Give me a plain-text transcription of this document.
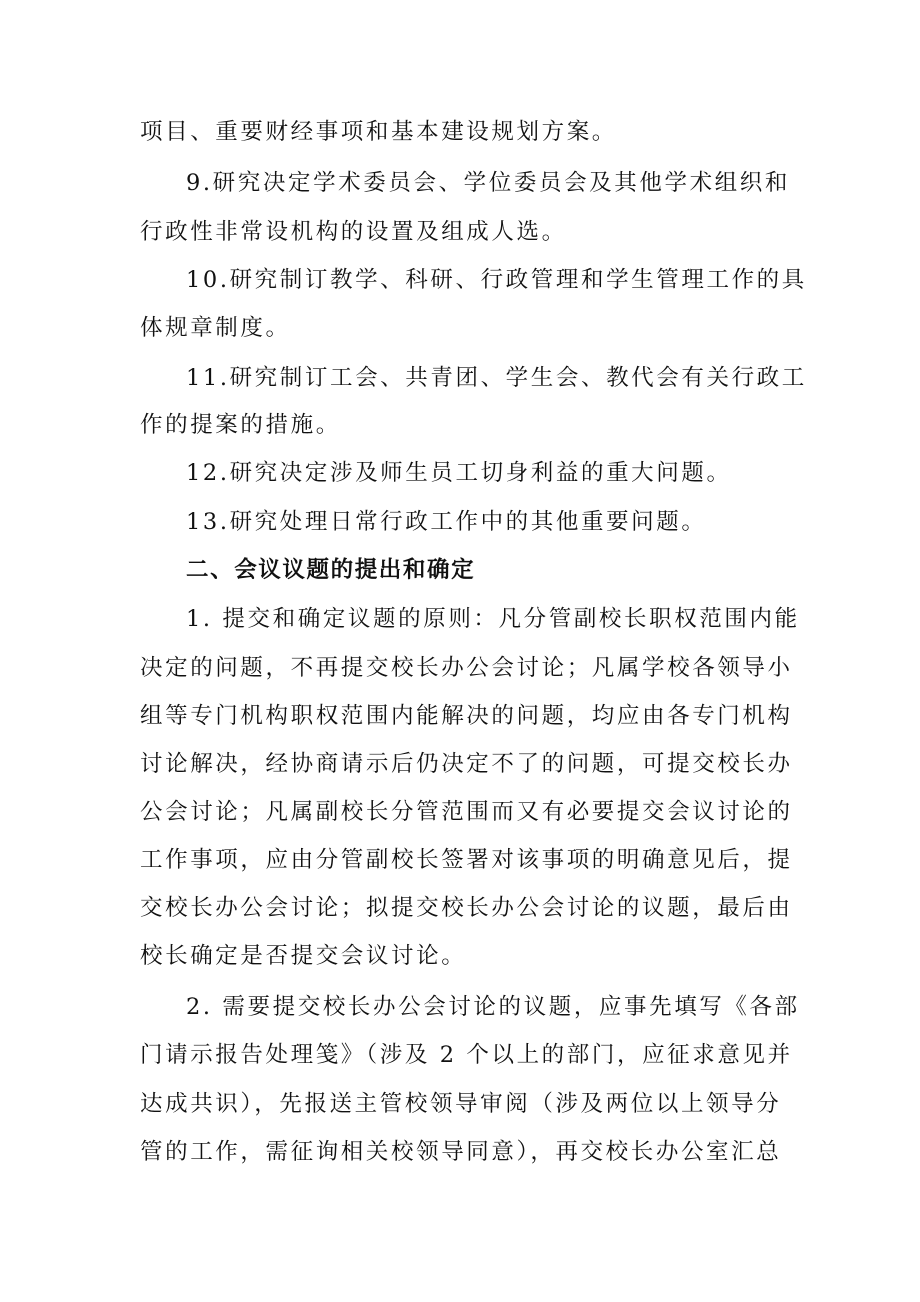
项目、重要财经事项和基本建设规划方案。
9.研究决定学术委员会、学位委员会及其他学术组织和
行政性非常设机构的设置及组成人选。
10.研究制订教学、科研、行政管理和学生管理工作的具
体规章制度。
11.研究制订工会、共青团、学生会、教代会有关行政工
作的提案的措施。
12.研究决定涉及师生员工切身利益的重大问题。
13.研究处理日常行政工作中的其他重要问题。
二、会议议题的提出和确定
1. 提交和确定议题的原则：凡分管副校长职权范围内能
决定的问题，不再提交校长办公会讨论；凡属学校各领导小
组等专门机构职权范围内能解决的问题，均应由各专门机构
讨论解决，经协商请示后仍决定不了的问题，可提交校长办
公会讨论；凡属副校长分管范围而又有必要提交会议讨论的
工作事项，应由分管副校长签署对该事项的明确意见后，提
交校长办公会讨论；拟提交校长办公会讨论的议题，最后由
校长确定是否提交会议讨论。
2. 需要提交校长办公会讨论的议题，应事先填写《各部
门请示报告处理笺》（涉及 2 个以上的部门，应征求意见并
达成共识），先报送主管校领导审阅（涉及两位以上领导分
管的工作，需征询相关校领导同意），再交校长办公室汇总
